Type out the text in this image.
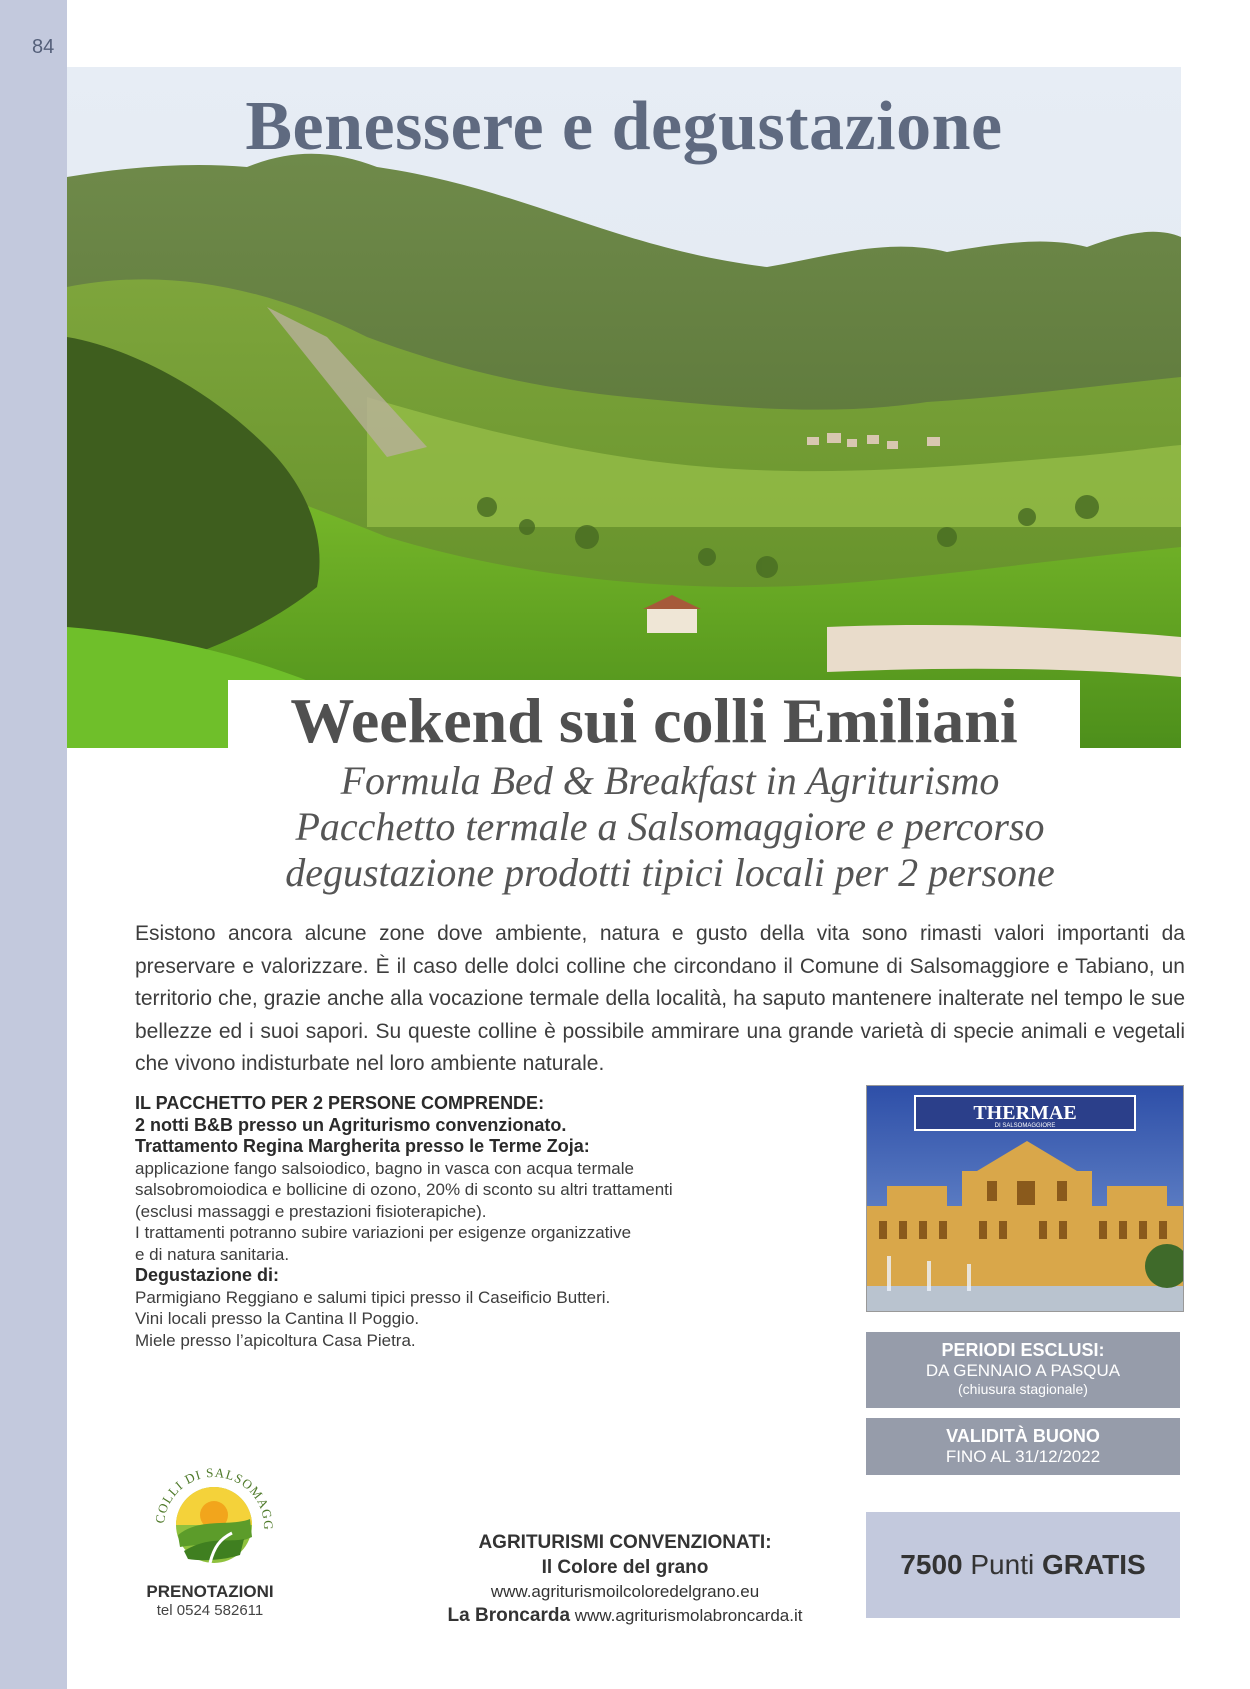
84
Benessere e degustazione
Weekend sui colli Emiliani
Formula Bed & Breakfast in Agriturismo
Pacchetto termale a Salsomaggiore e percorso
degustazione prodotti tipici locali per 2 persone

Esistono ancora alcune zone dove ambiente, natura e gusto della vita sono rimasti valori importanti da preservare e valorizzare. È il caso delle dolci colline che circondano il Comune di Salsomaggiore e Tabiano, un territorio che, grazie anche alla vocazione termale della località, ha saputo mantenere inalterate nel tempo le sue bellezze ed i suoi sapori. Su queste colline è possibile ammirare una grande varietà di specie animali e vegetali che vivono indisturbate nel loro ambiente naturale.

IL PACCHETTO PER 2 PERSONE COMPRENDE:
2 notti B&B presso un Agriturismo convenzionato.
Trattamento Regina Margherita presso le Terme Zoja:
applicazione fango salsoiodico, bagno in vasca con acqua termale
salsobromoiodica e bollicine di ozono, 20% di sconto su altri trattamenti
(esclusi massaggi e prestazioni fisioterapiche).
I trattamenti potranno subire variazioni per esigenze organizzative
e di natura sanitaria.
Degustazione di:
Parmigiano Reggiano e salumi tipici presso il Caseificio Butteri.
Vini locali presso la Cantina Il Poggio.
Miele presso l’apicoltura Casa Pietra.
THERMAE
DI SALSOMAGGIORE
PERIODI ESCLUSI:
DA GENNAIO A PASQUA
(chiusura stagionale)
VALIDITÀ BUONO
FINO AL 31/12/2022
7500 Punti GRATIS
COLLI DI SALSOMAGG
PRENOTAZIONI
tel 0524 582611
AGRITURISMI CONVENZIONATI:
Il Colore del grano
www.agriturismoilcoloredelgrano.eu
La Broncarda www.agriturismolabroncarda.it
